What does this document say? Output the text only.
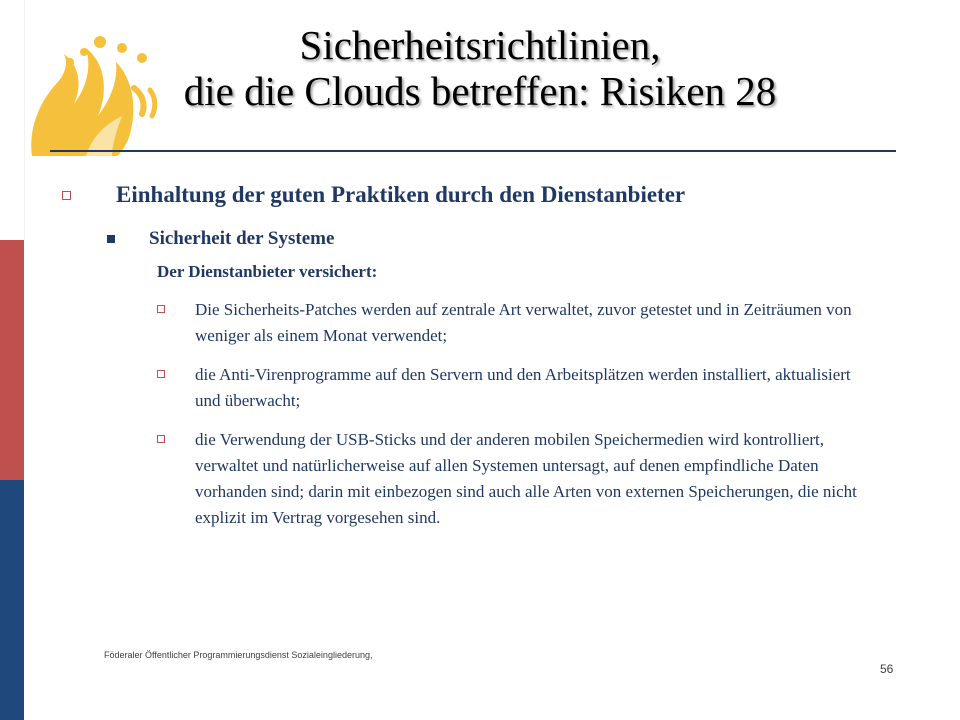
Sicherheitsrichtlinien,
die die Clouds betreffen: Risiken 28
Einhaltung der guten Praktiken durch den Dienstanbieter
Sicherheit der Systeme
Der Dienstanbieter versichert:
Die Sicherheits-Patches werden auf zentrale Art verwaltet, zuvor getestet und in Zeiträumen von weniger als einem Monat verwendet;
die Anti-Virenprogramme auf den Servern und den Arbeitsplätzen werden installiert, aktualisiert und überwacht;
die Verwendung der USB-Sticks und der anderen mobilen Speichermedien wird kontrolliert, verwaltet und natürlicherweise auf allen Systemen untersagt, auf denen empfindliche Daten vorhanden sind; darin mit einbezogen sind auch alle Arten von externen Speicherungen, die nicht explizit im Vertrag vorgesehen sind.
Föderaler Öffentlicher Programmierungsdienst Sozialeingliederung,
56
